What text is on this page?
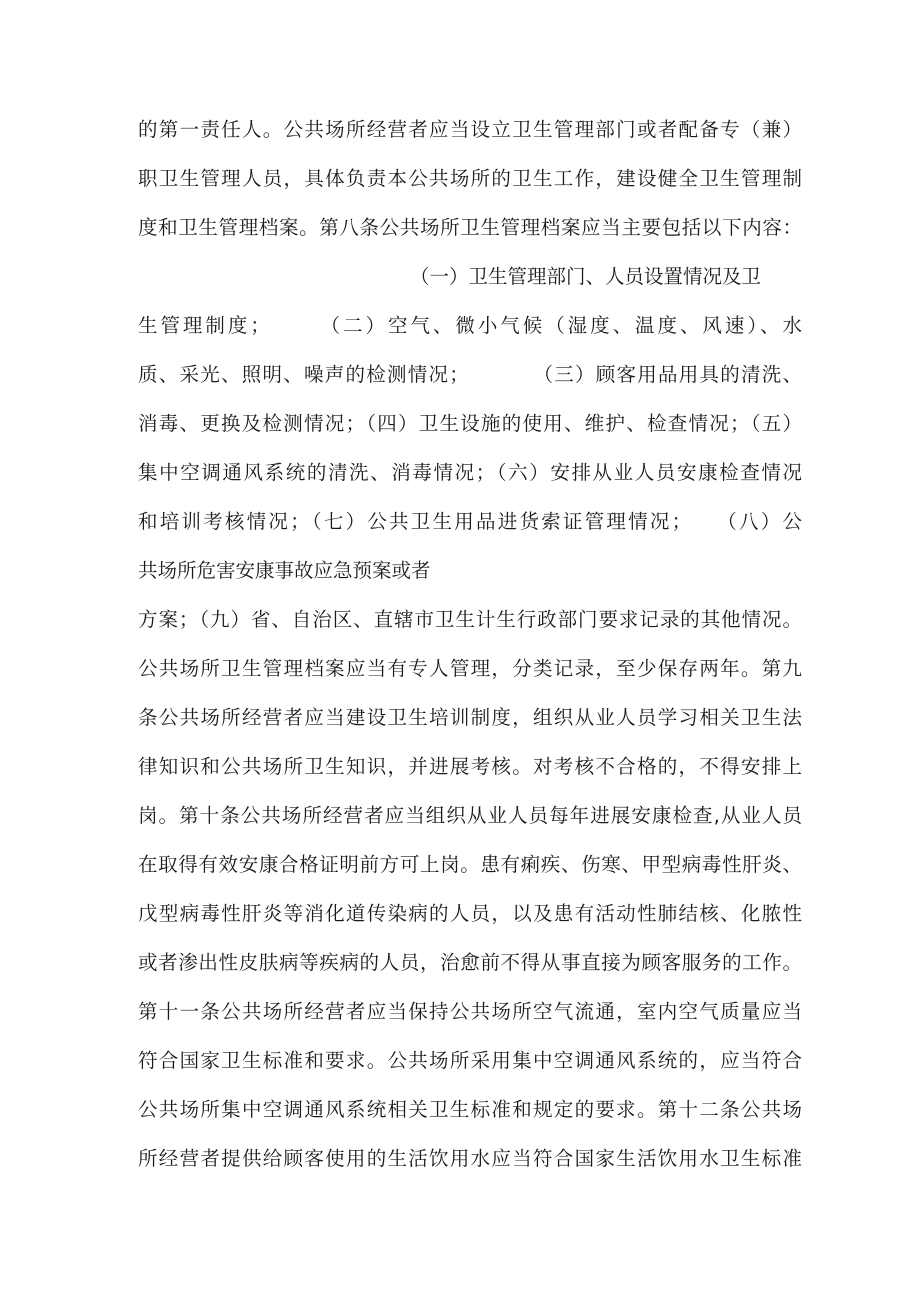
的第一责任人。公共场所经营者应当设立卫生管理部门或者配备专（兼）
职卫生管理人员，具体负责本公共场所的卫生工作，建设健全卫生管理制
度和卫生管理档案。第八条公共场所卫生管理档案应当主要包括以下内容：
（一）卫生管理部门、人员设置情况及卫
生管理制度；　　　（二）空气、微小气候（湿度、温度、风速）、水
质、采光、照明、噪声的检测情况；　　　　（三）顾客用品用具的清洗、
消毒、更换及检测情况；（四）卫生设施的使用、维护、检查情况；（五）
集中空调通风系统的清洗、消毒情况；（六）安排从业人员安康检查情况
和培训考核情况；（七）公共卫生用品进货索证管理情况；　　（八）公
共场所危害安康事故应急预案或者
方案；（九）省、自治区、直辖市卫生计生行政部门要求记录的其他情况。
公共场所卫生管理档案应当有专人管理，分类记录，至少保存两年。第九
条公共场所经营者应当建设卫生培训制度，组织从业人员学习相关卫生法
律知识和公共场所卫生知识，并进展考核。对考核不合格的，不得安排上
岗。第十条公共场所经营者应当组织从业人员每年进展安康检查,从业人员
在取得有效安康合格证明前方可上岗。患有痢疾、伤寒、甲型病毒性肝炎、
戊型病毒性肝炎等消化道传染病的人员，以及患有活动性肺结核、化脓性
或者渗出性皮肤病等疾病的人员，治愈前不得从事直接为顾客服务的工作。
第十一条公共场所经营者应当保持公共场所空气流通，室内空气质量应当
符合国家卫生标准和要求。公共场所采用集中空调通风系统的，应当符合
公共场所集中空调通风系统相关卫生标准和规定的要求。第十二条公共场
所经营者提供给顾客使用的生活饮用水应当符合国家生活饮用水卫生标准
